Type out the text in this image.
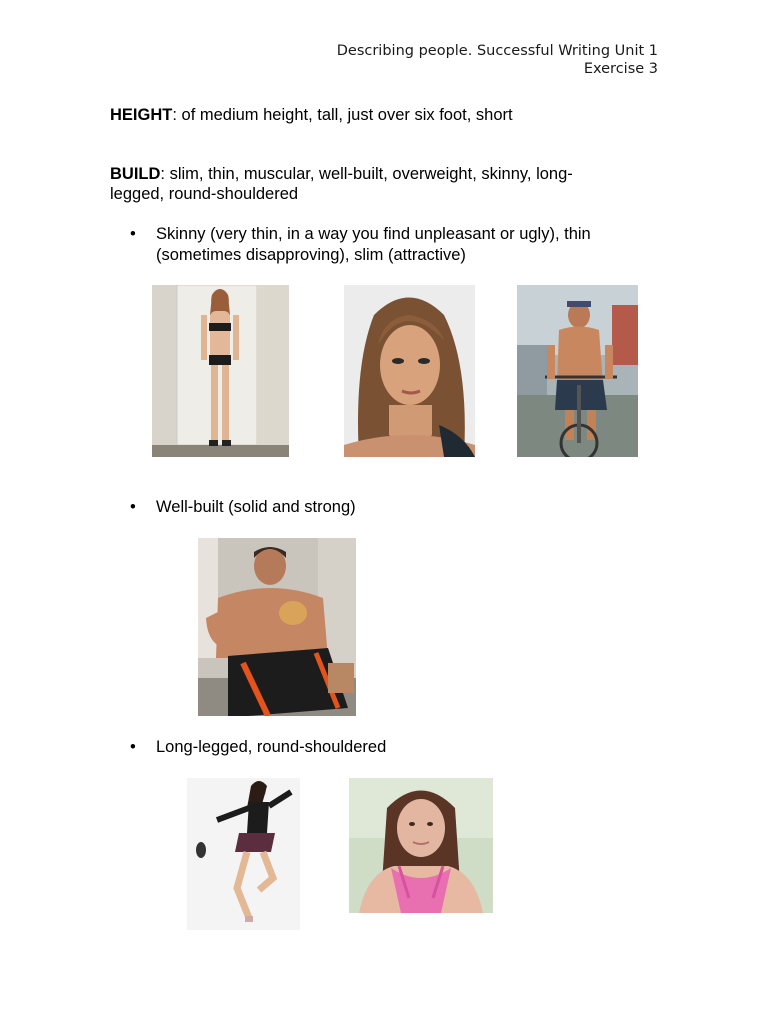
Describing people. Successful Writing Unit 1
Exercise 3
HEIGHT: of medium height, tall, just over six foot, short
BUILD: slim, thin, muscular, well-built, overweight, skinny, long-
legged, round-shouldered
• Skinny (very thin, in a way you find unpleasant or ugly), thin
(sometimes disapproving), slim (attractive)
• Well-built (solid and strong)
• Long-legged, round-shouldered
